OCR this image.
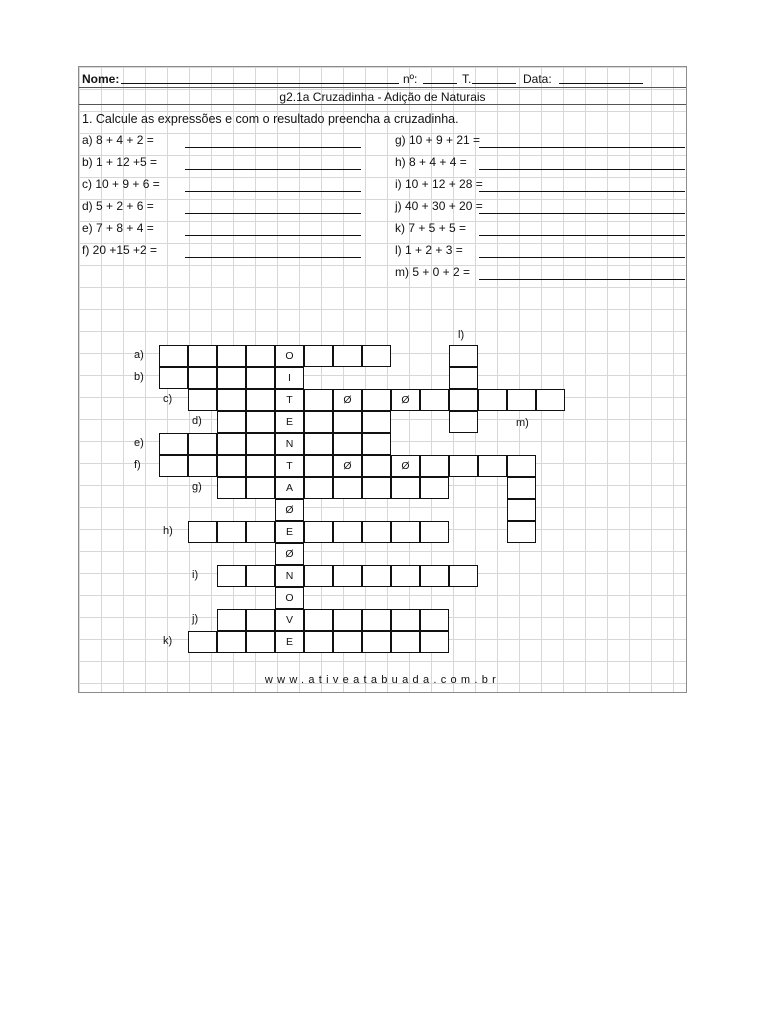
Nome:	nº:	T.	Data:
g2.1a Cruzadinha - Adição de Naturais
1. Calcule as expressões e com o resultado preencha a cruzadinha.
a) 8 + 4 + 2 =
b) 1 + 12 +5 =
c) 10 + 9 + 6 =
d) 5 + 2 + 6 =
e) 7 + 8 + 4 =
f) 20 +15 +2 =
g) 10 + 9 + 21 =
h) 8 + 4 + 4 =
i) 10 + 12 + 28 =
j) 40 + 30 + 20 =
k) 7 + 5 + 5 =
l) 1 + 2 + 3 =
m) 5 + 0 + 2 =
www.ativeatabuada.com.br
a)
b)
c)	Ø	Ø
d)
e)
f)	Ø	Ø
g)
h)
i)
j)
k)
O
I
T
E
N
T
A
Ø
E
Ø
N
O
V
E
l)
m)
